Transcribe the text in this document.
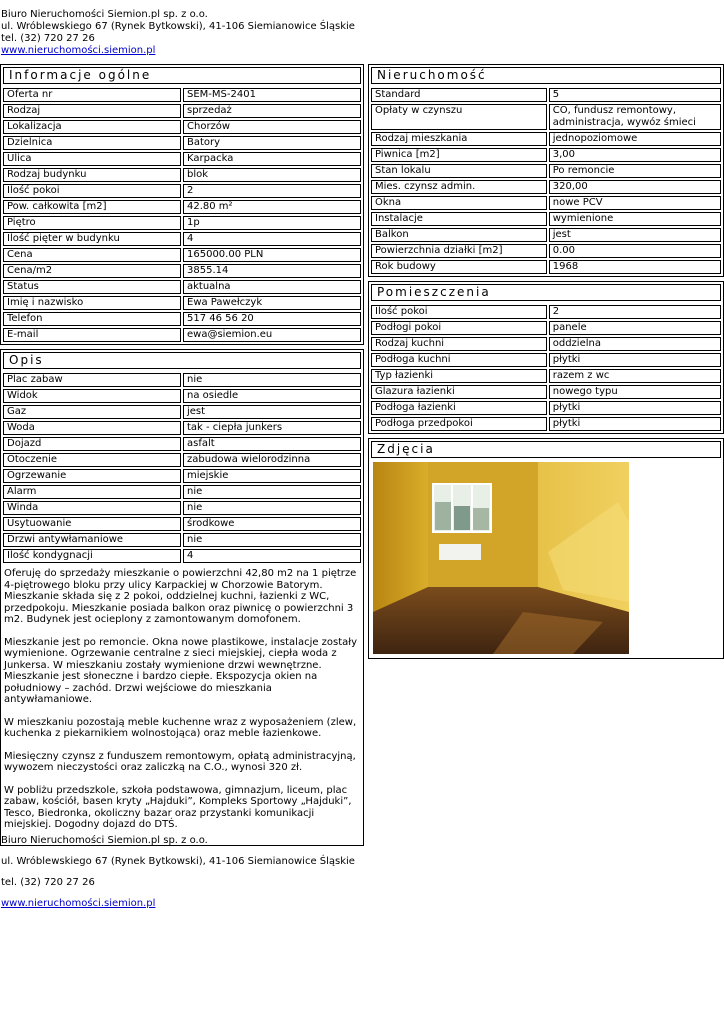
Biuro Nieruchomości Siemion.pl sp. z o.o.
ul. Wróblewskiego 67 (Rynek Bytkowski), 41-106 Siemianowice Śląskie
tel. (32) 720 27 26
www.nieruchomości.siemion.pl
Informacje ogólne
Oferta nr	SEM-MS-2401
Rodzaj	sprzedaż
Lokalizacja	Chorzów
Dzielnica	Batory
Ulica	Karpacka
Rodzaj budynku	blok
Ilość pokoi	2
Pow. całkowita [m2]	42.80 m²
Piętro	1p
Ilość pięter w budynku	4
Cena	165000.00 PLN
Cena/m2	3855.14
Status	aktualna
Imię i nazwisko	Ewa Pawełczyk
Telefon	517 46 56 20
E-mail	ewa@siemion.eu
Opis
Plac zabaw	nie
Widok	na osiedle
Gaz	jest
Woda	tak - ciepła junkers
Dojazd	asfalt
Otoczenie	zabudowa wielorodzinna
Ogrzewanie	miejskie
Alarm	nie
Winda	nie
Usytuowanie	środkowe
Drzwi antywłamaniowe	nie
Ilość kondygnacji	4

Oferuję do sprzedaży mieszkanie o powierzchni 42,80 m2 na 1 piętrze 4-piętrowego bloku przy ulicy Karpackiej w Chorzowie Batorym. Mieszkanie składa się z 2 pokoi, oddzielnej kuchni, łazienki z WC, przedpokoju. Mieszkanie posiada balkon oraz piwnicę o powierzchni 3 m2. Budynek jest ocieplony z zamontowanym domofonem.

Mieszkanie jest po remoncie. Okna nowe plastikowe, instalacje zostały wymienione. Ogrzewanie centralne z sieci miejskiej, ciepła woda z Junkersa. W mieszkaniu zostały wymienione drzwi wewnętrzne. Mieszkanie jest słoneczne i bardzo ciepłe. Ekspozycja okien na południowy – zachód. Drzwi wejściowe do mieszkania antywłamaniowe.

W mieszkaniu pozostają meble kuchenne wraz z wyposażeniem (zlew, kuchenka z piekarnikiem wolnostojąca) oraz meble łazienkowe.

Miesięczny czynsz z funduszem remontowym, opłatą administracyjną, wywozem nieczystości oraz zaliczką na C.O., wynosi 320 zł.

W pobliżu przedszkole, szkoła podstawowa, gimnazjum, liceum, plac zabaw, kościół, basen kryty „Hajduki”, Kompleks Sportowy „Hajduki”, Tesco, Biedronka, okoliczny bazar oraz przystanki komunikacji miejskiej. Dogodny dojazd do DTŚ.

Nieruchomość
Standard	5
Opłaty w czynszu	CO, fundusz remontowy, administracja, wywóz śmieci
Rodzaj mieszkania	jednopoziomowe
Piwnica [m2]	3,00
Stan lokalu	Po remoncie
Mies. czynsz admin.	320,00
Okna	nowe PCV
Instalacje	wymienione
Balkon	jest
Powierzchnia działki [m2]	0.00
Rok budowy	1968
Pomieszczenia
Ilość pokoi	2
Podłogi pokoi	panele
Rodzaj kuchni	oddzielna
Podłoga kuchni	płytki
Typ łazienki	razem z wc
Glazura łazienki	nowego typu
Podłoga łazienki	płytki
Podłoga przedpokoi	płytki
Zdjęcia
Biuro Nieruchomości Siemion.pl sp. z o.o.
ul. Wróblewskiego 67 (Rynek Bytkowski), 41-106 Siemianowice Śląskie
tel. (32) 720 27 26
www.nieruchomości.siemion.pl
